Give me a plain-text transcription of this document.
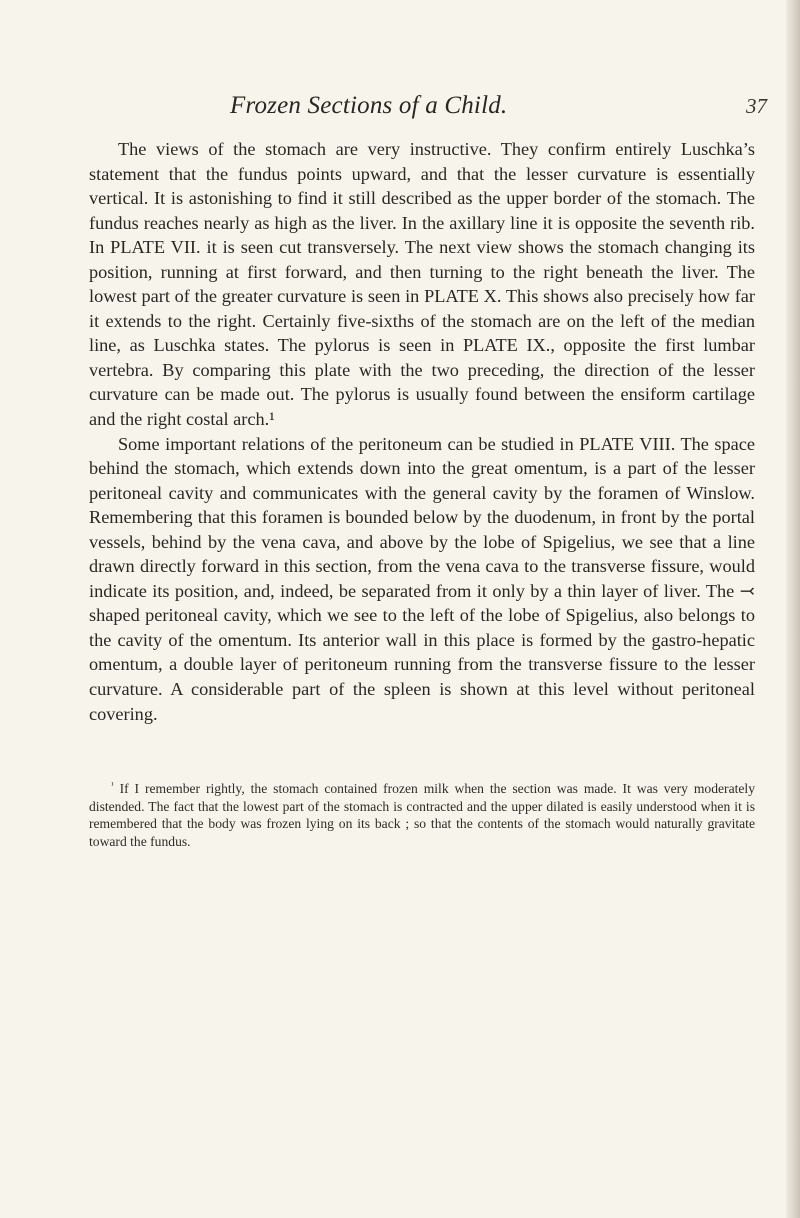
Frozen Sections of a Child.	37

The views of the stomach are very instructive. They confirm entirely Luschka’s statement that the fundus points upward, and that the lesser curvature is essentially vertical. It is astonishing to find it still described as the upper border of the stomach. The fundus reaches nearly as high as the liver. In the axillary line it is opposite the seventh rib. In PLATE VII. it is seen cut transversely. The next view shows the stomach changing its position, running at first forward, and then turning to the right beneath the liver. The lowest part of the greater curvature is seen in PLATE X. This shows also precisely how far it extends to the right. Certainly five-sixths of the stomach are on the left of the median line, as Luschka states. The pylorus is seen in PLATE IX., opposite the first lumbar vertebra. By comparing this plate with the two preceding, the direction of the lesser curvature can be made out. The pylorus is usually found between the ensiform cartilage and the right costal arch.¹

Some important relations of the peritoneum can be studied in PLATE VIII. The space behind the stomach, which extends down into the great omentum, is a part of the lesser peritoneal cavity and communicates with the general cavity by the foramen of Winslow. Remembering that this foramen is bounded below by the duodenum, in front by the portal vessels, behind by the vena cava, and above by the lobe of Spigelius, we see that a line drawn directly forward in this section, from the vena cava to the transverse fissure, would indicate its position, and, indeed, be separated from it only by a thin layer of liver. The ⤙ shaped peritoneal cavity, which we see to the left of the lobe of Spigelius, also belongs to the cavity of the omentum. Its anterior wall in this place is formed by the gastro-hepatic omentum, a double layer of peritoneum running from the transverse fissure to the lesser curvature. A considerable part of the spleen is shown at this level without peritoneal covering.

$^{^1}$ If I remember rightly, the stomach contained frozen milk when the section was made. It was very moderately distended. The fact that the lowest part of the stomach is contracted and the upper dilated is easily understood when it is remembered that the body was frozen lying on its back ; so that the contents of the stomach would naturally gravitate toward the fundus.
